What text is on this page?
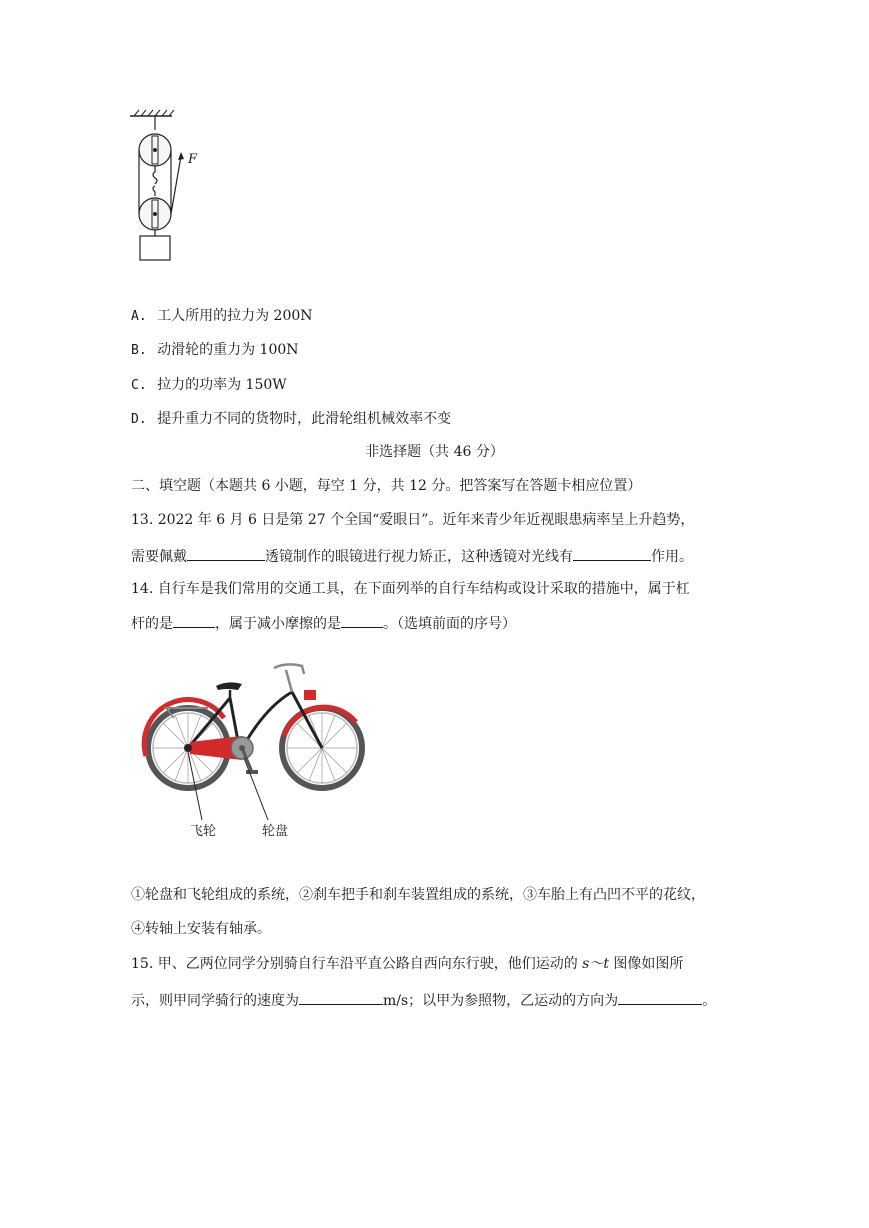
F
A. 工人所用的拉力为 200N
B. 动滑轮的重力为 100N
C. 拉力的功率为 150W
D. 提升重力不同的货物时，此滑轮组机械效率不变
非选择题（共 46 分）
二、填空题（本题共 6 小题，每空 1 分，共 12 分。把答案写在答题卡相应位置）
13. 2022 年 6 月 6 日是第 27 个全国“爱眼日”。近年来青少年近视眼患病率呈上升趋势，
需要佩戴	透镜制作的眼镜进行视力矫正，这种透镜对光线有	作用。
14. 自行车是我们常用的交通工具，在下面列举的自行车结构或设计采取的措施中，属于杠
杆的是	，属于减小摩擦的是	。（选填前面的序号）
飞轮	轮盘
①轮盘和飞轮组成的系统，②刹车把手和刹车装置组成的系统，③车胎上有凸凹不平的花纹，
④转轴上安装有轴承。
15. 甲、乙两位同学分别骑自行车沿平直公路自西向东行驶，他们运动的 s～t 图像如图所
示，则甲同学骑行的速度为	m/s；以甲为参照物，乙运动的方向为	。
